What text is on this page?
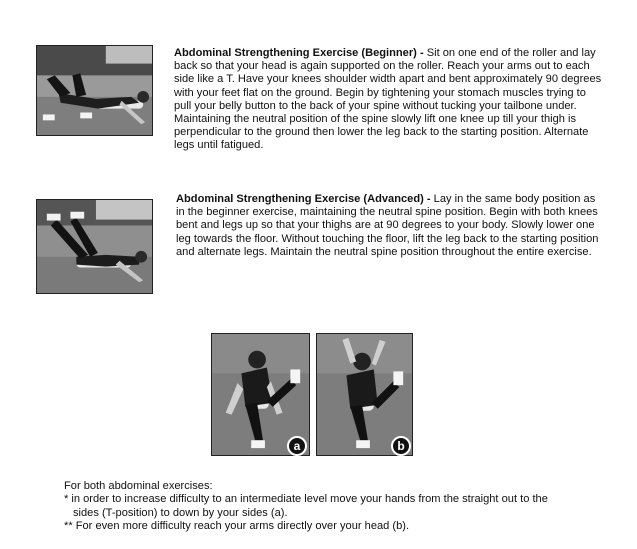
Abdominal Strengthening Exercise (Beginner) - Sit on one end of the roller and lay back so that your head is again supported on the roller. Reach your arms out to each side like a T. Have your knees shoulder width apart and bent approximately 90 degrees with your feet flat on the ground. Begin by tightening your stomach muscles trying to pull your belly button to the back of your spine without tucking your tailbone under. Maintaining the neutral position of the spine slowly lift one knee up till your thigh is perpendicular to the ground then lower the leg back to the starting position. Alternate legs until fatigued.
Abdominal Strengthening Exercise (Advanced) - Lay in the same body position as in the beginner exercise, maintaining the neutral spine position. Begin with both knees bent and legs up so that your thighs are at 90 degrees to your body. Slowly lower one leg towards the floor. Without touching the floor, lift the leg back to the starting position and alternate legs. Maintain the neutral spine position throughout the entire exercise.
a	b
For both abdominal exercises:
* in order to increase difficulty to an intermediate level move your hands from the straight out to the
sides (T-position) to down by your sides (a).
** For even more difficulty reach your arms directly over your head (b).
